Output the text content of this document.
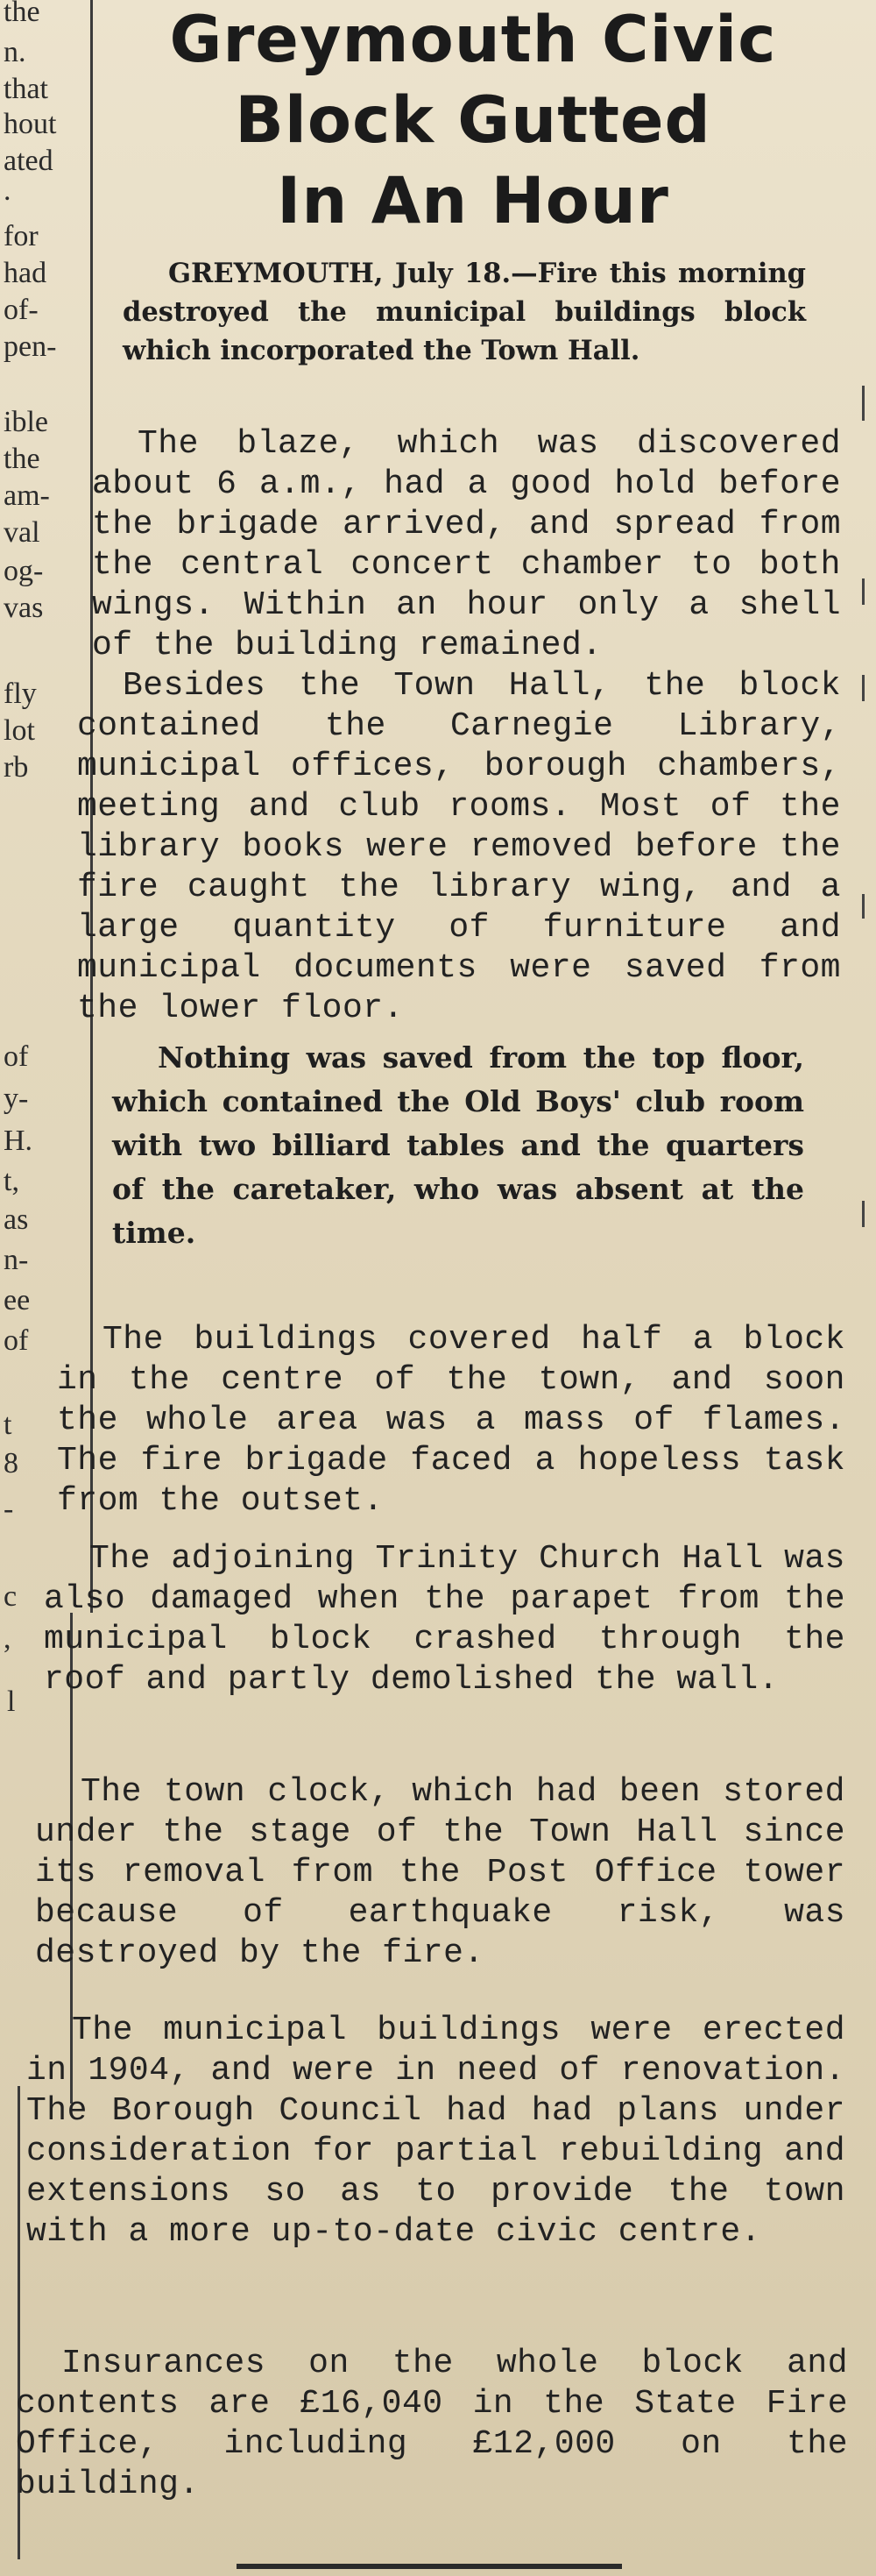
the
n.
that
hout
ated
.
for
had
of-
pen-
ible
the
am-
val
og-
vas
fly
lot
rb
of
y-
H.
t,
as
n-
ee
of
t
8
-
c
,
l
Greymouth Civic
Block Gutted
In An Hour

GREYMOUTH, July 18.—Fire this morning destroyed the municipal buildings block which incorporated the Town Hall.

The blaze, which was discovered about 6 a.m., had a good hold before the brigade arrived, and spread from the central concert chamber to both wings. Within an hour only a shell of the building remained.

Besides the Town Hall, the block contained the Carnegie Library, municipal offices, borough chambers, meeting and club rooms. Most of the library books were removed before the fire caught the library wing, and a large quantity of furniture and municipal documents were saved from the lower floor.

Nothing was saved from the top floor, which contained the Old Boys' club room with two billiard tables and the quarters of the caretaker, who was absent at the time.

The buildings covered half a block in the centre of the town, and soon the whole area was a mass of flames. The fire brigade faced a hopeless task from the outset.

The adjoining Trinity Church Hall was also damaged when the parapet from the municipal block crashed through the roof and partly demolished the wall.

The town clock, which had been stored under the stage of the Town Hall since its removal from the Post Office tower because of earthquake risk, was destroyed by the fire.

The municipal buildings were erected in 1904, and were in need of renovation. The Borough Council had had plans under consideration for partial rebuilding and extensions so as to provide the town with a more up-to-date civic centre.

Insurances on the whole block and contents are £16,040 in the State Fire Office, including £12,000 on the building.
